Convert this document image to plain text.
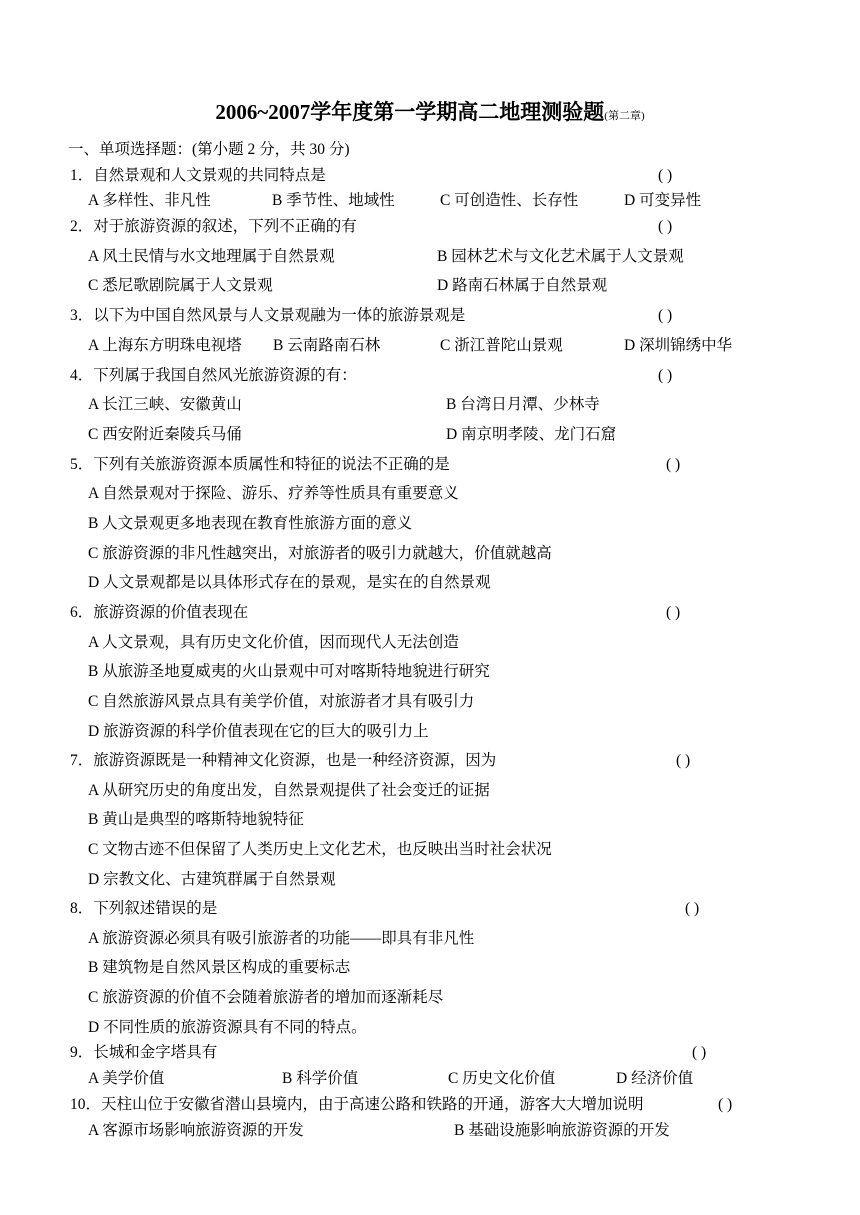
2006~2007学年度第一学期高二地理测验题(第二章)
一、单项选择题：(第小题 2 分，共 30 分)
1．自然景观和人文景观的共同特点是	( )
A 多样性、非凡性	B 季节性、地域性	C 可创造性、长存性	D 可变异性
2．对于旅游资源的叙述，下列不正确的有	( )
A 风土民情与水文地理属于自然景观	B 园林艺术与文化艺术属于人文景观
C 悉尼歌剧院属于人文景观	D 路南石林属于自然景观
3．以下为中国自然风景与人文景观融为一体的旅游景观是	( )
A 上海东方明珠电视塔 B 云南路南石林	C 浙江普陀山景观	D 深圳锦绣中华
4．下列属于我国自然风光旅游资源的有：	( )
A 长江三峡、安徽黄山	B 台湾日月潭、少林寺
C 西安附近秦陵兵马俑	D 南京明孝陵、龙门石窟
5．下列有关旅游资源本质属性和特征的说法不正确的是	( )
A 自然景观对于探险、游乐、疗养等性质具有重要意义
B 人文景观更多地表现在教育性旅游方面的意义
C 旅游资源的非凡性越突出，对旅游者的吸引力就越大，价值就越高
D 人文景观都是以具体形式存在的景观，是实在的自然景观
6．旅游资源的价值表现在	( )
A 人文景观，具有历史文化价值，因而现代人无法创造
B 从旅游圣地夏威夷的火山景观中可对喀斯特地貌进行研究
C 自然旅游风景点具有美学价值，对旅游者才具有吸引力
D 旅游资源的科学价值表现在它的巨大的吸引力上
7．旅游资源既是一种精神文化资源，也是一种经济资源，因为	( )
A 从研究历史的角度出发，自然景观提供了社会变迁的证据
B 黄山是典型的喀斯特地貌特征
C 文物古迹不但保留了人类历史上文化艺术，也反映出当时社会状况
D 宗教文化、古建筑群属于自然景观
8．下列叙述错误的是	( )
A 旅游资源必须具有吸引旅游者的功能——即具有非凡性
B 建筑物是自然风景区构成的重要标志
C 旅游资源的价值不会随着旅游者的增加而逐渐耗尽
D 不同性质的旅游资源具有不同的特点。
9．长城和金字塔具有	( )
A 美学价值	B 科学价值	C 历史文化价值	D 经济价值
10．天柱山位于安徽省潜山县境内，由于高速公路和铁路的开通，游客大大增加说明	( )
A 客源市场影响旅游资源的开发	B 基础设施影响旅游资源的开发
